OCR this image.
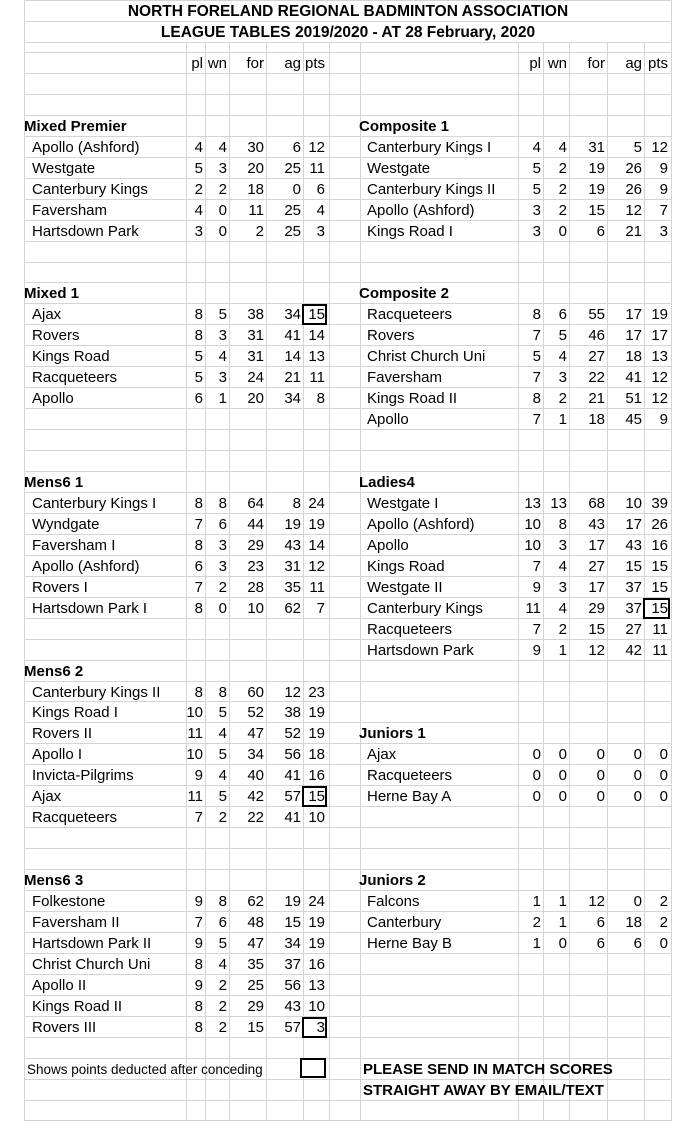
NORTH FORELAND REGIONAL BADMINTON ASSOCIATION
LEAGUE TABLES 2019/2020 - AT 28 February, 2020
pl wn	for	ag pts	pl wn	for	ag pts
Mixed Premier
Apollo (Ashford)	4	4	30	6 12
Westgate	5	3	20	25 11
Canterbury Kings	2	2	18	0	6
Faversham	4	0	11	25	4
Hartsdown Park	3	0	2	25	3
Mixed 1
Ajax	8	5	38	34 15
Rovers	8	3	31	41 14
Kings Road	5	4	31	14 13
Racqueteers	5	3	24	21 11
Apollo	6	1	20	34	8
Mens6 1
Canterbury Kings I	8	8	64	8 24
Wyndgate	7	6	44	19 19
Faversham I	8	3	29	43 14
Apollo (Ashford)	6	3	23	31 12
Rovers I	7	2	28	35 11
Hartsdown Park I	8	0	10	62	7
Mens6 2
Canterbury Kings II	8	8	60	12 23
Kings Road I	10	5	52	38 19
Rovers II	11	4	47	52 19
Apollo I	10	5	34	56 18
Invicta-Pilgrims	9	4	40	41 16
Ajax	11	5	42	57 15
Racqueteers	7	2	22	41 10
Mens6 3
Folkestone	9	8	62	19 24
Faversham II	7	6	48	15 19
Hartsdown Park II	9	5	47	34 19
Christ Church Uni	8	4	35	37 16
Apollo II	9	2	25	56 13
Kings Road II	8	2	29	43 10
Rovers III	8	2	15	57	3
Composite 1
Canterbury Kings I	4	4	31	5 12
Westgate	5	2	19	26	9
Canterbury Kings II	5	2	19	26	9
Apollo (Ashford)	3	2	15	12	7
Kings Road I	3	0	6	21	3
Composite 2
Racqueteers	8	6	55	17 19
Rovers	7	5	46	17 17
Christ Church Uni	5	4	27	18 13
Faversham	7	3	22	41 12
Kings Road II	8	2	21	51 12
Apollo	7	1	18	45	9
Ladies4
Westgate I	13 13	68	10 39
Apollo (Ashford)	10	8	43	17 26
Apollo	10	3	17	43 16
Kings Road	7	4	27	15 15
Westgate II	9	3	17	37 15
Canterbury Kings	11	4	29	37 15
Racqueteers	7	2	15	27 11
Hartsdown Park	9	1	12	42 11
Juniors 1
Ajax	0	0	0	0	0
Racqueteers	0	0	0	0	0
Herne Bay A	0	0	0	0	0
Juniors 2
Falcons	1	1	12	0	2
Canterbury	2	1	6	18	2
Herne Bay B	1	0	6	6	0
Shows points deducted after conceding	PLEASE SEND IN MATCH SCORES
STRAIGHT AWAY BY EMAIL/TEXT
